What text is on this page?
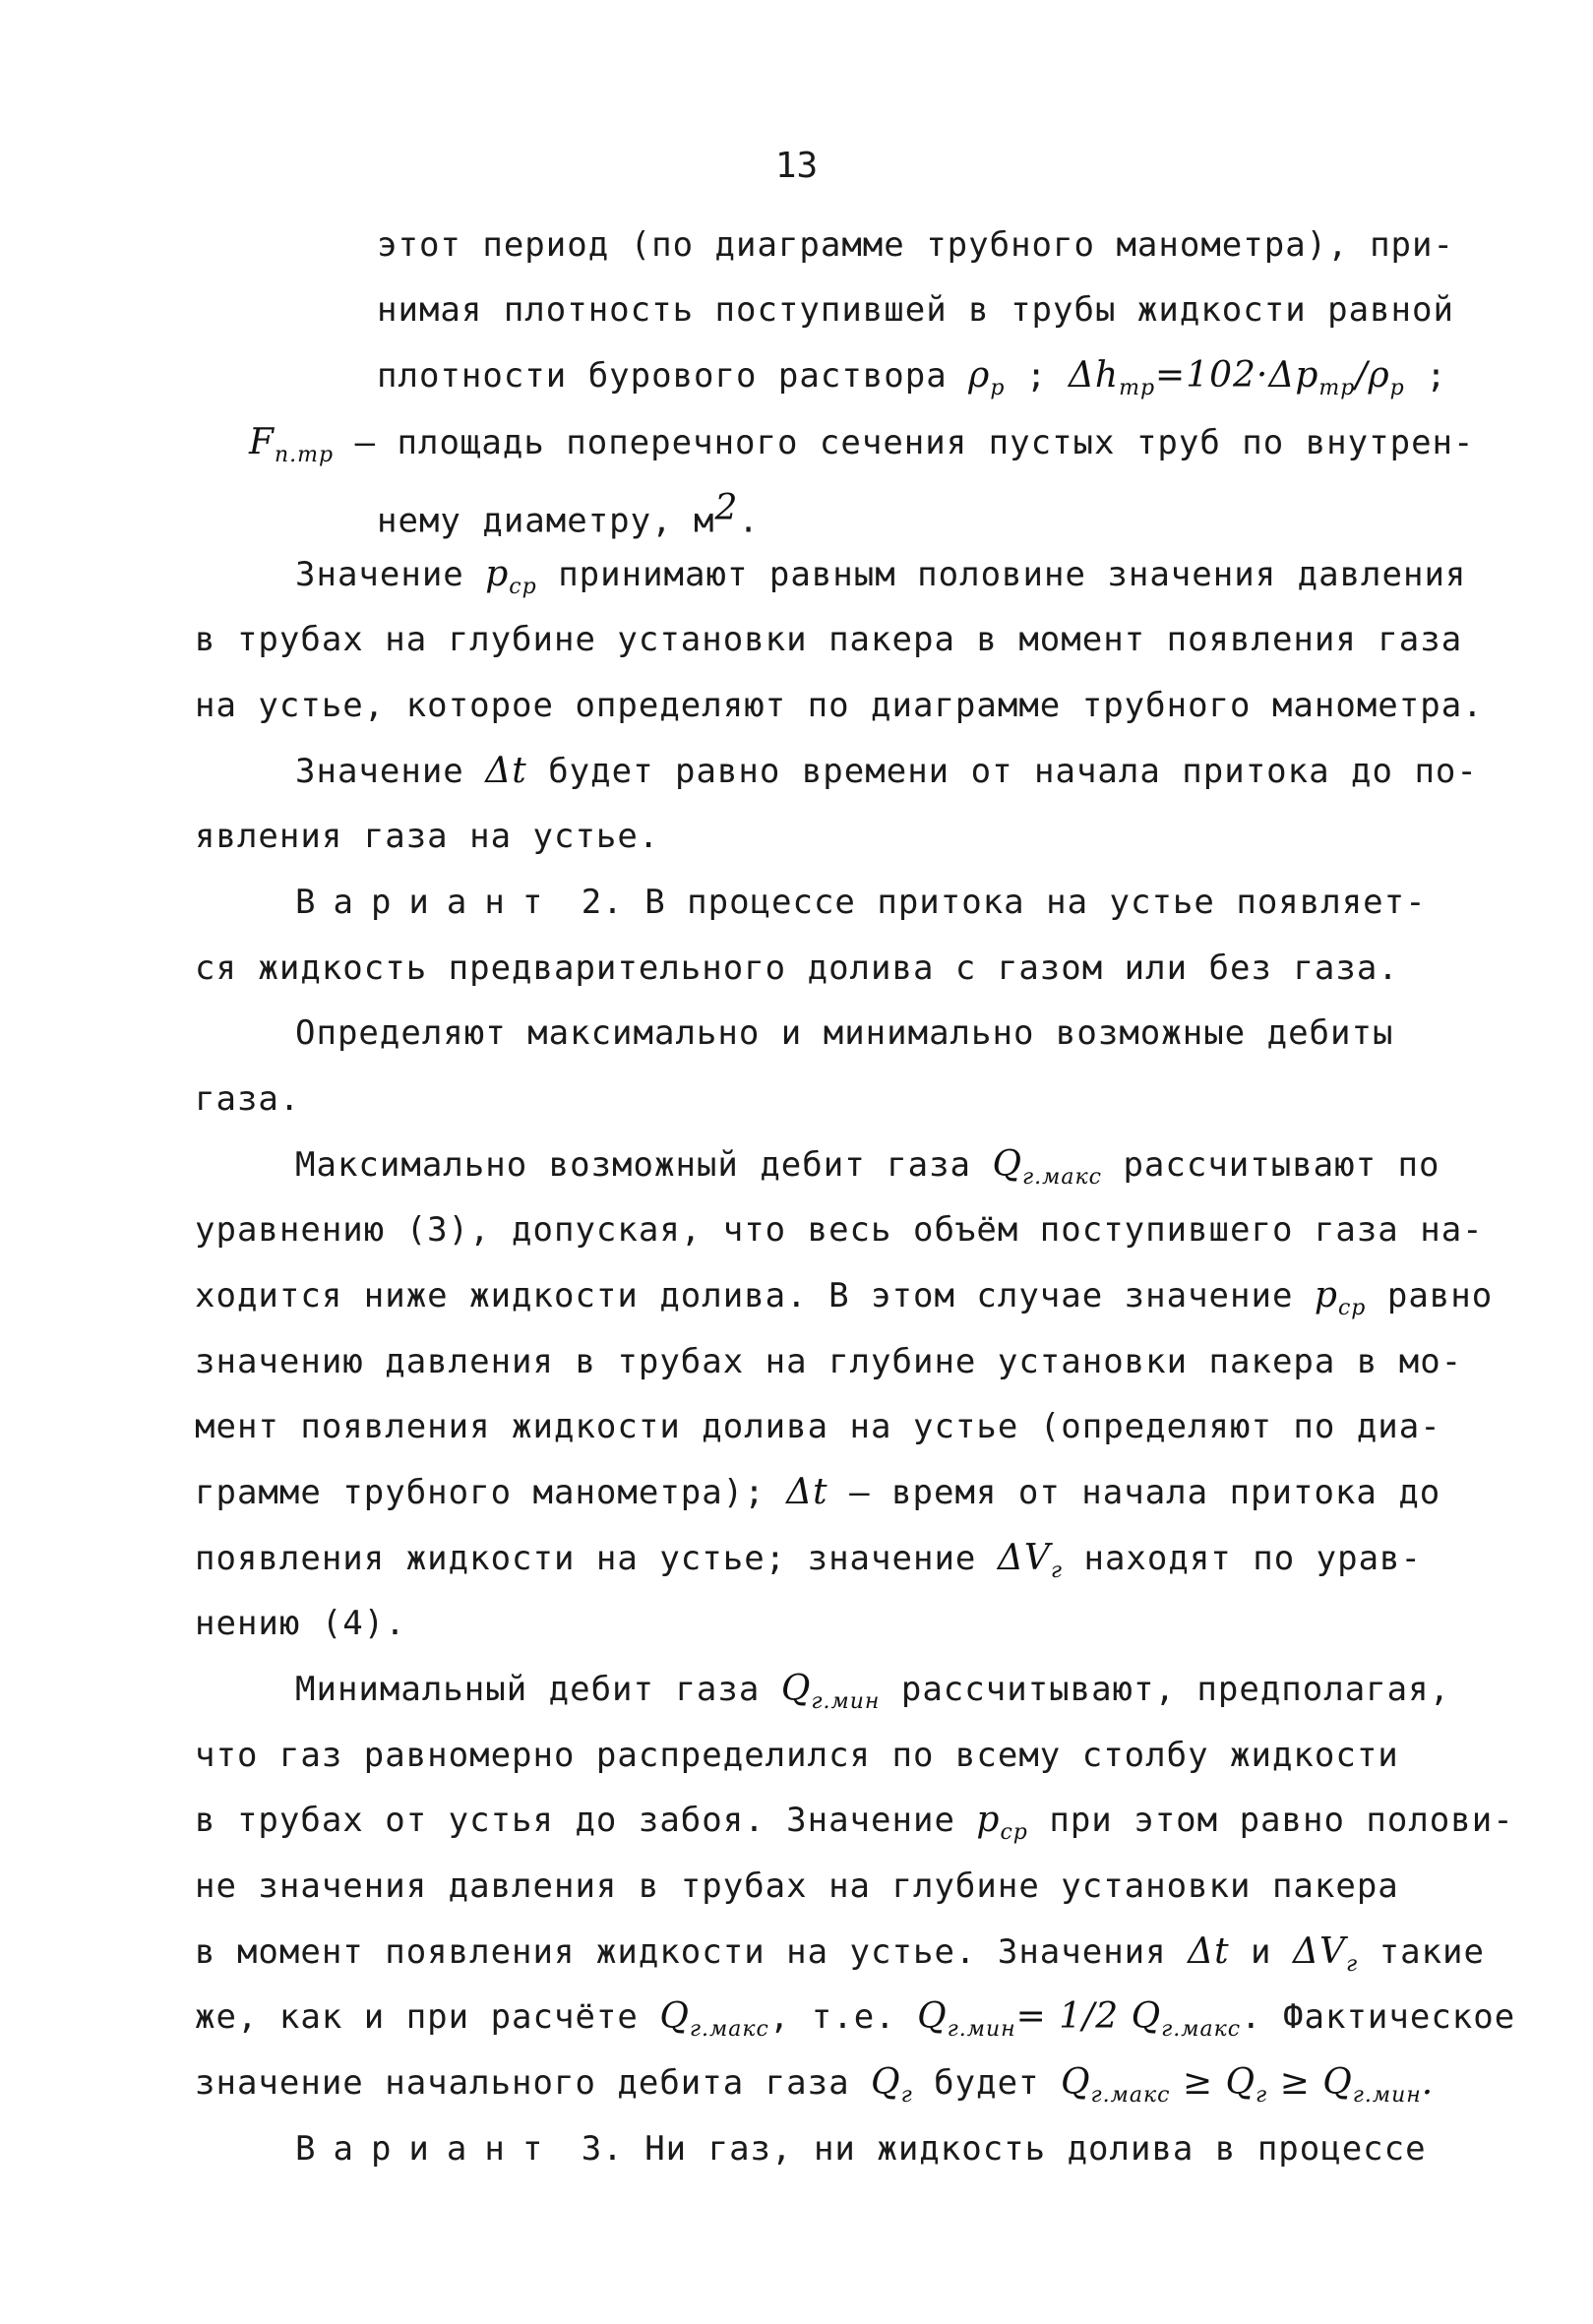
13
этот период (по диаграмме трубного манометра), при-
нимая плотность поступившей в трубы жидкости равной
плотности бурового раствора $\rho_р$ ; $\Delta h_{тр}=102\cdot\Delta p_{тр}/\rho_р$ ;
$F_{п.тр}$ – площадь поперечного сечения пустых труб по внутрен-
нему диаметру, $м^2$.
Значение $p_{ср}$ принимают равным половине значения давления
в трубах на глубине установки пакера в момент появления газа
на устье, которое определяют по диаграмме трубного манометра.
Значение Δt будет равно времени от начала притока до по-
явления газа на устье.
Вариант 2. В процессе притока на устье появляет-
ся жидкость предварительного долива с газом или без газа.
Определяют максимально и минимально возможные дебиты
газа.
Максимально возможный дебит газа $Q_{г.макс}$ рассчитывают по
уравнению (3), допуская, что весь объём поступившего газа на-
ходится ниже жидкости долива. В этом случае значение $p_{ср}$ равно
значению давления в трубах на глубине установки пакера в мо-
мент появления жидкости долива на устье (определяют по диа-
грамме трубного манометра); Δt – время от начала притока до
появления жидкости на устье; значение $\Delta V_г$ находят по урав-
нению (4).
Минимальный дебит газа $Q_{г.мин}$ рассчитывают, предполагая,
что газ равномерно распределился по всему столбу жидкости
в трубах от устья до забоя. Значение $p_{ср}$ при этом равно полови-
не значения давления в трубах на глубине установки пакера
в момент появления жидкости на устье. Значения Δt и $\Delta V_г$ такие
же, как и при расчёте $Q_{г.макс}$, т.е. $Q_{г.мин}= 1/2$ $Q_{г.макс}$. Фактическое
значение начального дебита газа $Q_г$ будет $Q_{г.макс} \ge Q_г \ge Q_{г.мин}$.
Вариант 3. Ни газ, ни жидкость долива в процессе
